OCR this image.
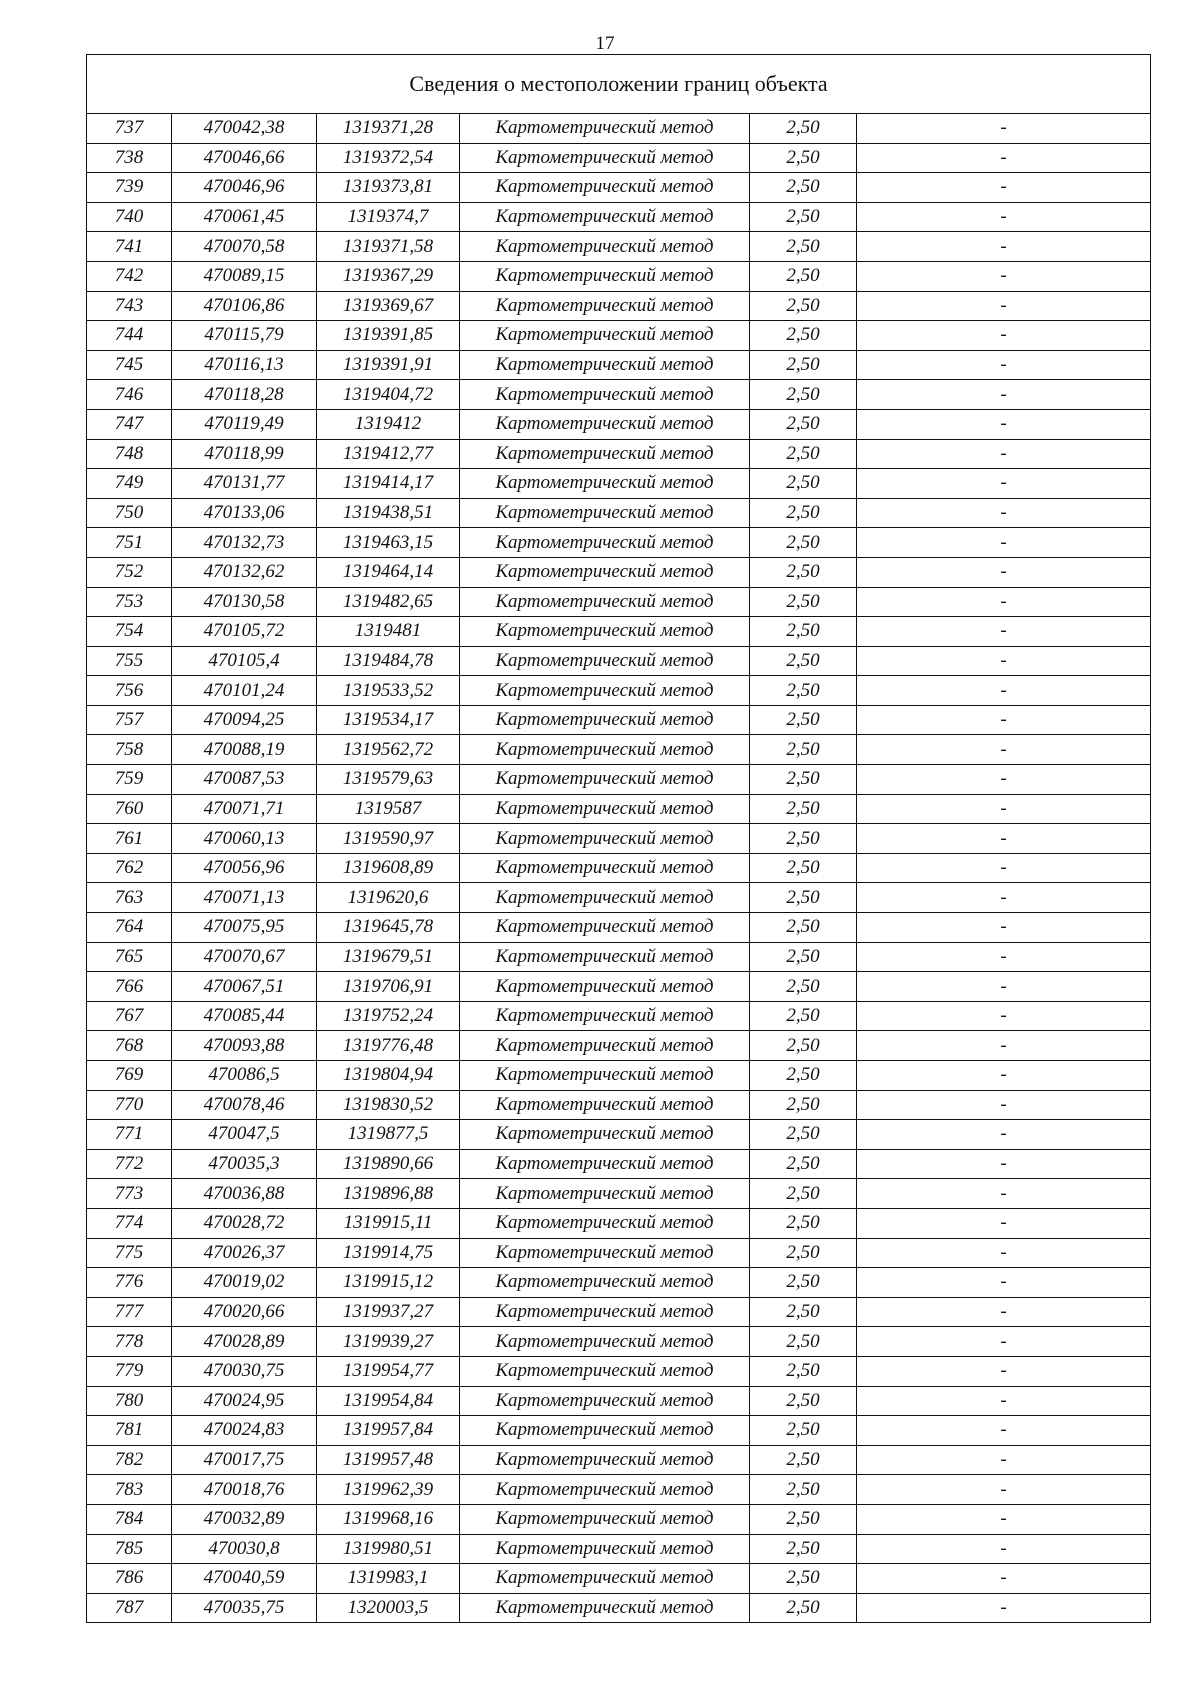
17
Сведения о местоположении границ объекта					
737	470042,38	1319371,28	Картометрический метод	2,50	-
738	470046,66	1319372,54	Картометрический метод	2,50	-
739	470046,96	1319373,81	Картометрический метод	2,50	-
740	470061,45	1319374,7	Картометрический метод	2,50	-
741	470070,58	1319371,58	Картометрический метод	2,50	-
742	470089,15	1319367,29	Картометрический метод	2,50	-
743	470106,86	1319369,67	Картометрический метод	2,50	-
744	470115,79	1319391,85	Картометрический метод	2,50	-
745	470116,13	1319391,91	Картометрический метод	2,50	-
746	470118,28	1319404,72	Картометрический метод	2,50	-
747	470119,49	1319412	Картометрический метод	2,50	-
748	470118,99	1319412,77	Картометрический метод	2,50	-
749	470131,77	1319414,17	Картометрический метод	2,50	-
750	470133,06	1319438,51	Картометрический метод	2,50	-
751	470132,73	1319463,15	Картометрический метод	2,50	-
752	470132,62	1319464,14	Картометрический метод	2,50	-
753	470130,58	1319482,65	Картометрический метод	2,50	-
754	470105,72	1319481	Картометрический метод	2,50	-
755	470105,4	1319484,78	Картометрический метод	2,50	-
756	470101,24	1319533,52	Картометрический метод	2,50	-
757	470094,25	1319534,17	Картометрический метод	2,50	-
758	470088,19	1319562,72	Картометрический метод	2,50	-
759	470087,53	1319579,63	Картометрический метод	2,50	-
760	470071,71	1319587	Картометрический метод	2,50	-
761	470060,13	1319590,97	Картометрический метод	2,50	-
762	470056,96	1319608,89	Картометрический метод	2,50	-
763	470071,13	1319620,6	Картометрический метод	2,50	-
764	470075,95	1319645,78	Картометрический метод	2,50	-
765	470070,67	1319679,51	Картометрический метод	2,50	-
766	470067,51	1319706,91	Картометрический метод	2,50	-
767	470085,44	1319752,24	Картометрический метод	2,50	-
768	470093,88	1319776,48	Картометрический метод	2,50	-
769	470086,5	1319804,94	Картометрический метод	2,50	-
770	470078,46	1319830,52	Картометрический метод	2,50	-
771	470047,5	1319877,5	Картометрический метод	2,50	-
772	470035,3	1319890,66	Картометрический метод	2,50	-
773	470036,88	1319896,88	Картометрический метод	2,50	-
774	470028,72	1319915,11	Картометрический метод	2,50	-
775	470026,37	1319914,75	Картометрический метод	2,50	-
776	470019,02	1319915,12	Картометрический метод	2,50	-
777	470020,66	1319937,27	Картометрический метод	2,50	-
778	470028,89	1319939,27	Картометрический метод	2,50	-
779	470030,75	1319954,77	Картометрический метод	2,50	-
780	470024,95	1319954,84	Картометрический метод	2,50	-
781	470024,83	1319957,84	Картометрический метод	2,50	-
782	470017,75	1319957,48	Картометрический метод	2,50	-
783	470018,76	1319962,39	Картометрический метод	2,50	-
784	470032,89	1319968,16	Картометрический метод	2,50	-
785	470030,8	1319980,51	Картометрический метод	2,50	-
786	470040,59	1319983,1	Картометрический метод	2,50	-
787	470035,75	1320003,5	Картометрический метод	2,50	-
